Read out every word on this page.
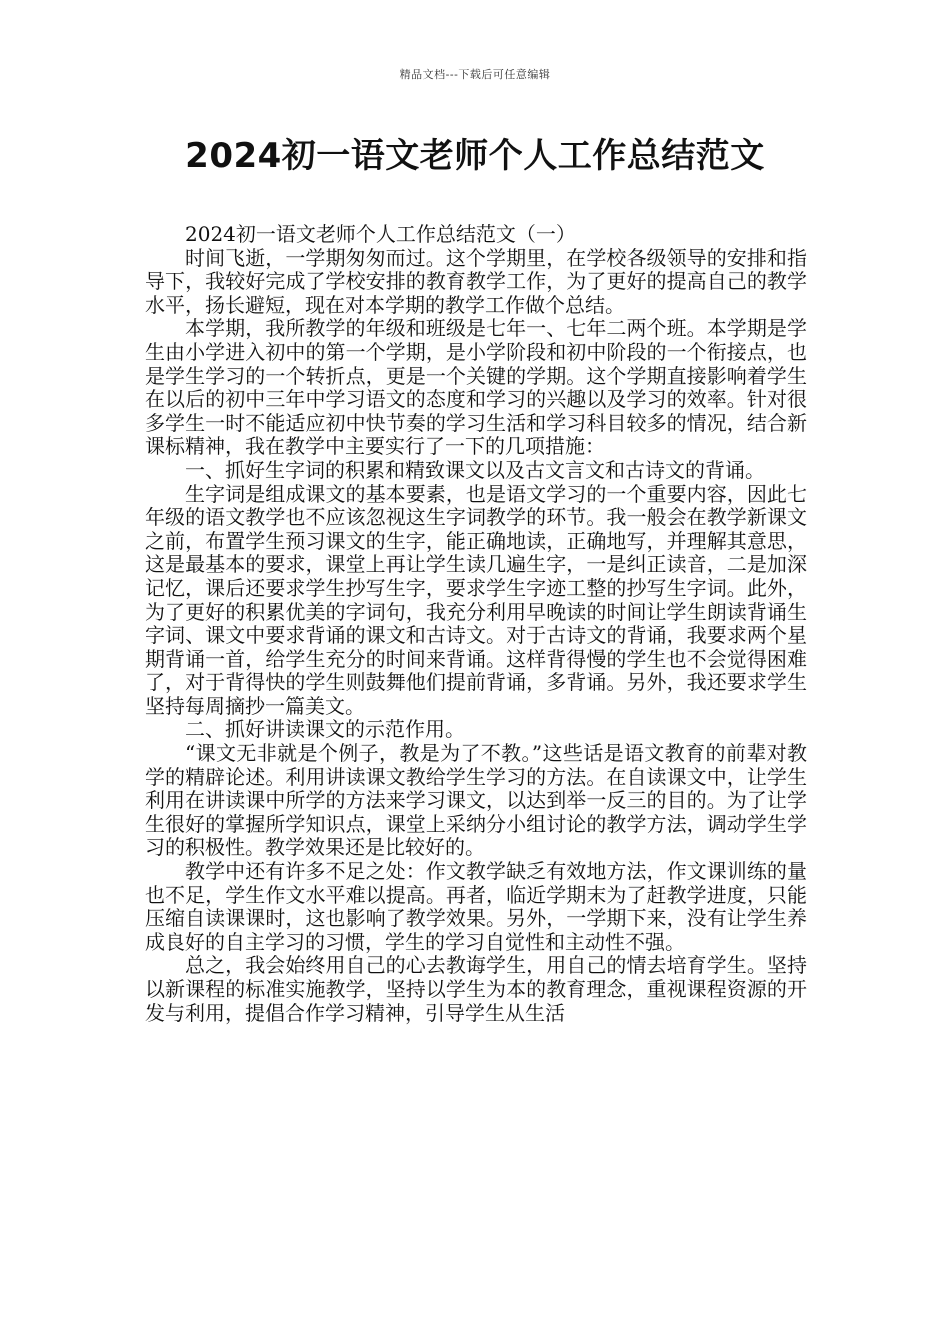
精品文档---下载后可任意编辑
2024初一语文老师个人工作总结范文

2024初一语文老师个人工作总结范文（一）

时间飞逝，一学期匆匆而过。这个学期里，在学校各级领导的安排和指导下，我较好完成了学校安排的教育教学工作，为了更好的提高自己的教学水平，扬长避短，现在对本学期的教学工作做个总结。

本学期，我所教学的年级和班级是七年一、七年二两个班。本学期是学生由小学进入初中的第一个学期，是小学阶段和初中阶段的一个衔接点，也是学生学习的一个转折点，更是一个关键的学期。这个学期直接影响着学生在以后的初中三年中学习语文的态度和学习的兴趣以及学习的效率。针对很多学生一时不能适应初中快节奏的学习生活和学习科目较多的情况，结合新课标精神，我在教学中主要实行了一下的几项措施：

一、抓好生字词的积累和精致课文以及古文言文和古诗文的背诵。

生字词是组成课文的基本要素，也是语文学习的一个重要内容，因此七年级的语文教学也不应该忽视这生字词教学的环节。我一般会在教学新课文之前，布置学生预习课文的生字，能正确地读，正确地写，并理解其意思，这是最基本的要求，课堂上再让学生读几遍生字，一是纠正读音，二是加深记忆，课后还要求学生抄写生字，要求学生字迹工整的抄写生字词。此外，为了更好的积累优美的字词句，我充分利用早晚读的时间让学生朗读背诵生字词、课文中要求背诵的课文和古诗文。对于古诗文的背诵，我要求两个星期背诵一首，给学生充分的时间来背诵。这样背得慢的学生也不会觉得困难了，对于背得快的学生则鼓舞他们提前背诵，多背诵。另外，我还要求学生坚持每周摘抄一篇美文。

二、抓好讲读课文的示范作用。

“课文无非就是个例子，教是为了不教。”这些话是语文教育的前辈对教学的精辟论述。利用讲读课文教给学生学习的方法。在自读课文中，让学生利用在讲读课中所学的方法来学习课文，以达到举一反三的目的。为了让学生很好的掌握所学知识点，课堂上采纳分小组讨论的教学方法，调动学生学习的积极性。教学效果还是比较好的。

教学中还有许多不足之处：作文教学缺乏有效地方法，作文课训练的量也不足，学生作文水平难以提高。再者，临近学期末为了赶教学进度，只能压缩自读课课时，这也影响了教学效果。另外，一学期下来，没有让学生养成良好的自主学习的习惯，学生的学习自觉性和主动性不强。

总之，我会始终用自己的心去教诲学生，用自己的情去培育学生。坚持以新课程的标准实施教学，坚持以学生为本的教育理念，重视课程资源的开发与利用，提倡合作学习精神，引导学生从生活
